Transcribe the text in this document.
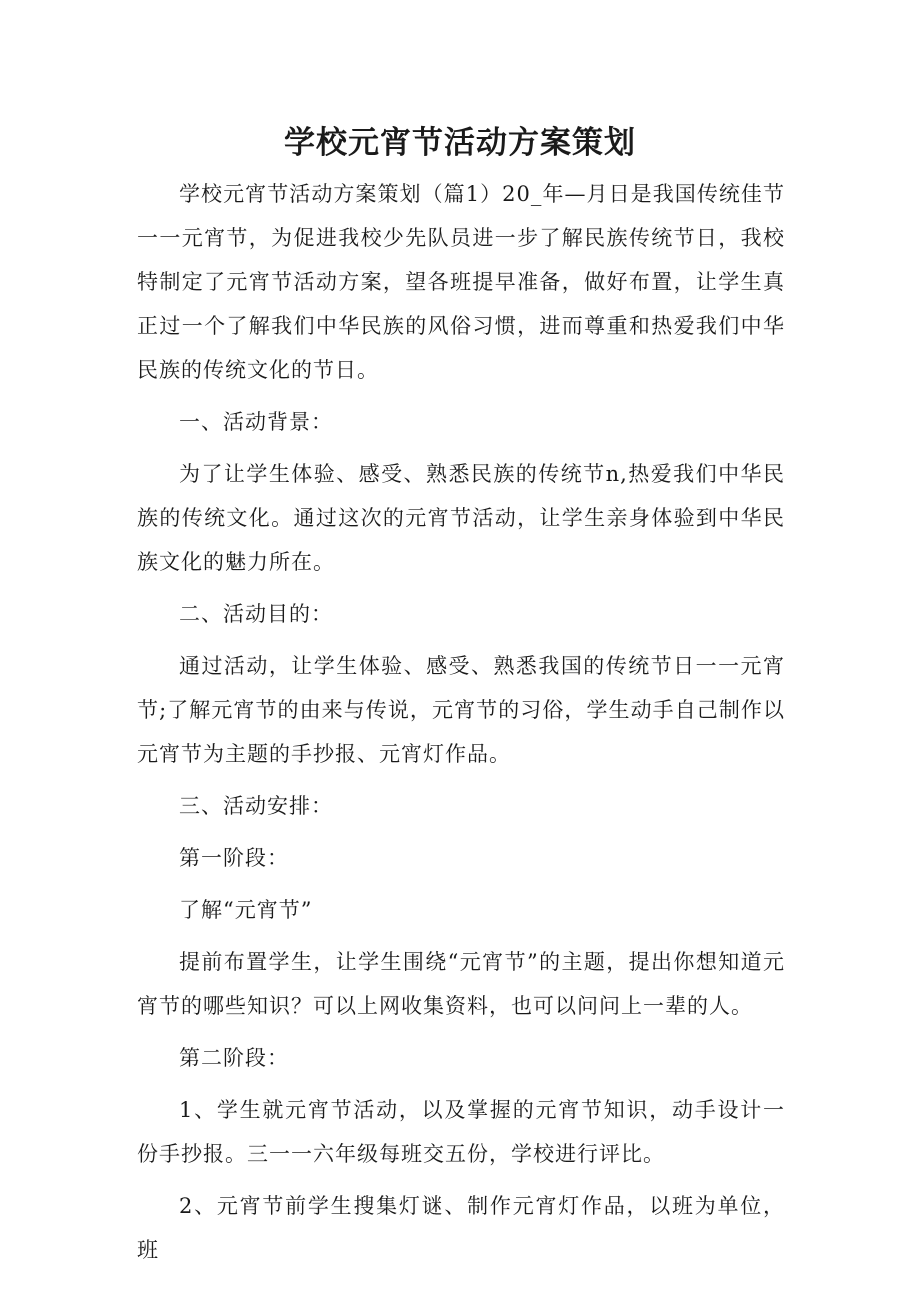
学校元宵节活动方案策划

学校元宵节活动方案策划（篇1）20_年—月日是我国传统佳节一一元宵节，为促进我校少先队员进一步了解民族传统节日，我校特制定了元宵节活动方案，望各班提早准备，做好布置，让学生真正过一个了解我们中华民族的风俗习惯，进而尊重和热爱我们中华民族的传统文化的节日。

一、活动背景：

为了让学生体验、感受、熟悉民族的传统节n,热爱我们中华民族的传统文化。通过这次的元宵节活动，让学生亲身体验到中华民族文化的魅力所在。

二、活动目的：

通过活动，让学生体验、感受、熟悉我国的传统节日一一元宵节;了解元宵节的由来与传说，元宵节的习俗，学生动手自己制作以元宵节为主题的手抄报、元宵灯作品。

三、活动安排：

第一阶段：

了解“元宵节”

提前布置学生，让学生围绕“元宵节”的主题，提出你想知道元宵节的哪些知识？可以上网收集资料，也可以问问上一辈的人。

第二阶段：

1、学生就元宵节活动，以及掌握的元宵节知识，动手设计一份手抄报。三一一六年级每班交五份，学校进行评比。

2、元宵节前学生搜集灯谜、制作元宵灯作品，以班为单位，班
